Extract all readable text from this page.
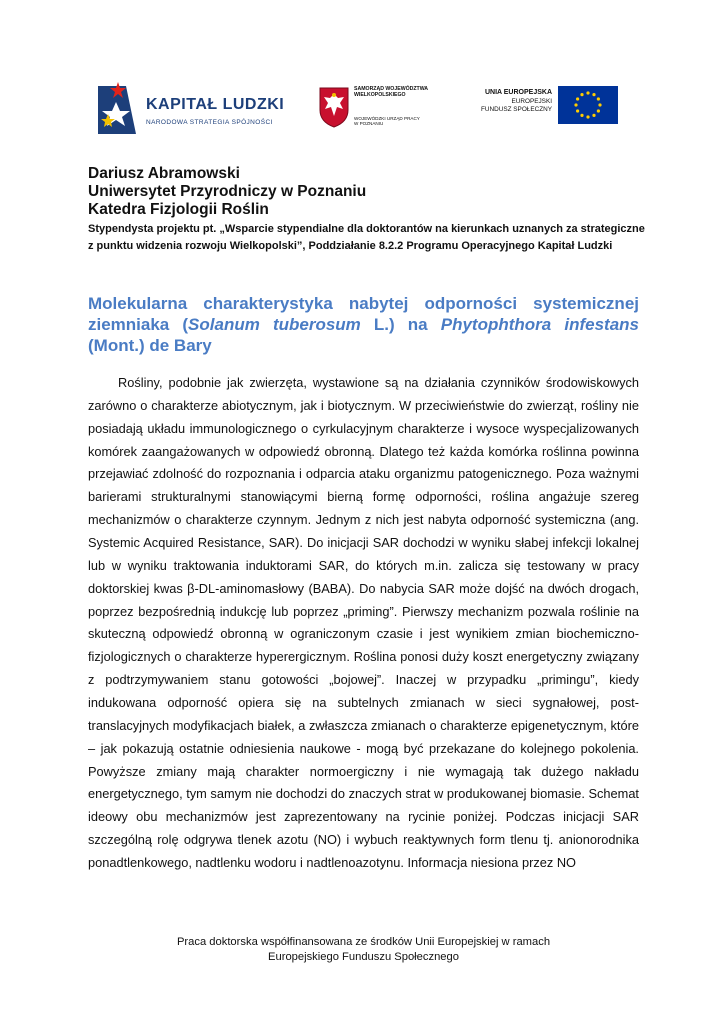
KAPITAŁ LUDZKI
NARODOWA STRATEGIA SPÓJNOŚCI
SAMORZĄD WOJEWÓDZTWA
WIELKOPOLSKIEGO
WOJEWÓDZKI URZĄD PRACY
W POZNANIU
UNIA EUROPEJSKA
EUROPEJSKI
FUNDUSZ SPOŁECZNY
Dariusz Abramowski
Uniwersytet Przyrodniczy w Poznaniu
Katedra Fizjologii Roślin
Stypendysta projektu pt. „Wsparcie stypendialne dla doktorantów na kierunkach uznanych za strategiczne z punktu widzenia rozwoju Wielkopolski”, Poddziałanie 8.2.2 Programu Operacyjnego Kapitał Ludzki
Molekularna charakterystyka nabytej odporności systemicznej ziemniaka (Solanum tuberosum L.) na Phytophthora infestans (Mont.) de Bary

Rośliny, podobnie jak zwierzęta, wystawione są na działania czynników środowiskowych zarówno o charakterze abiotycznym, jak i biotycznym. W przeciwieństwie do zwierząt, rośliny nie posiadają układu immunologicznego o cyrkulacyjnym charakterze i wysoce wyspecjalizowanych komórek zaangażowanych w odpowiedź obronną. Dlatego też każda komórka roślinna powinna przejawiać zdolność do rozpoznania i odparcia ataku organizmu patogenicznego. Poza ważnymi barierami strukturalnymi stanowiącymi bierną formę odporności, roślina angażuje szereg mechanizmów o charakterze czynnym. Jednym z nich jest nabyta odporność systemiczna (ang. Systemic Acquired Resistance, SAR). Do inicjacji SAR dochodzi w wyniku słabej infekcji lokalnej lub w wyniku traktowania induktorami SAR, do których m.in. zalicza się testowany w pracy doktorskiej kwas β-DL-aminomasłowy (BABA). Do nabycia SAR może dojść na dwóch drogach, poprzez bezpośrednią indukcję lub poprzez „priming”. Pierwszy mechanizm pozwala roślinie na skuteczną odpowiedź obronną w ograniczonym czasie i jest wynikiem zmian biochemiczno-fizjologicznych o charakterze hyperergicznym. Roślina ponosi duży koszt energetyczny związany z podtrzymywaniem stanu gotowości „bojowej”. Inaczej w przypadku „primingu”, kiedy indukowana odporność opiera się na subtelnych zmianach w sieci sygnałowej, post-translacyjnych modyfikacjach białek, a zwłaszcza zmianach o charakterze epigenetycznym, które – jak pokazują ostatnie odniesienia naukowe - mogą być przekazane do kolejnego pokolenia. Powyższe zmiany mają charakter normoergiczny i nie wymagają tak dużego nakładu energetycznego, tym samym nie dochodzi do znaczych strat w produkowanej biomasie. Schemat ideowy obu mechanizmów jest zaprezentowany na rycinie poniżej. Podczas inicjacji SAR szczególną rolę odgrywa tlenek azotu (NO) i wybuch reaktywnych form tlenu tj. anionorodnika ponadtlenkowego, nadtlenku wodoru i nadtlenoazotynu. Informacja niesiona przez NO

Praca doktorska współfinansowana ze środków Unii Europejskiej w ramach
Europejskiego Funduszu Społecznego
